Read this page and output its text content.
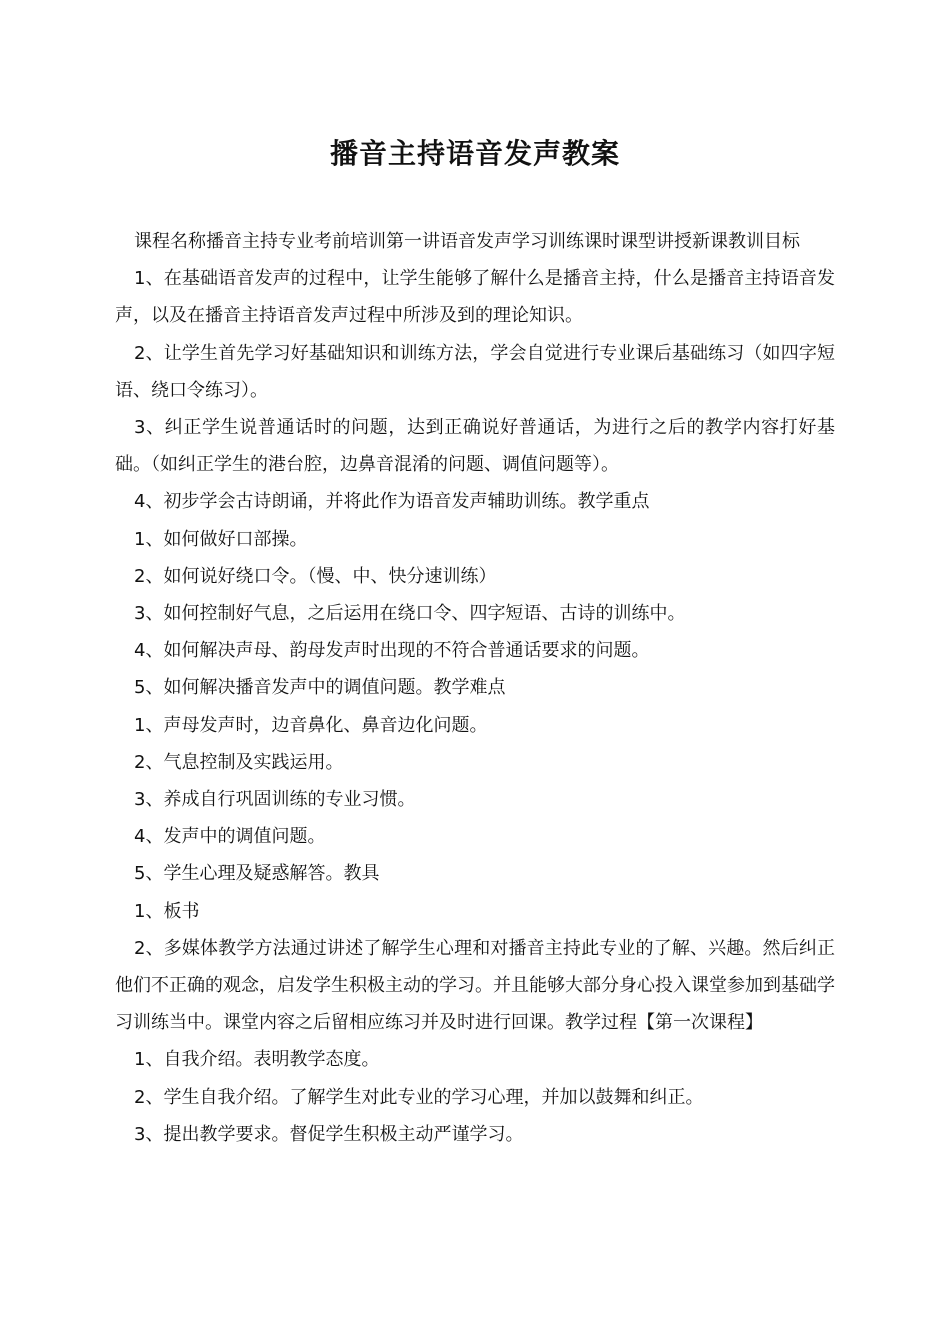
播音主持语音发声教案

课程名称播音主持专业考前培训第一讲语音发声学习训练课时课型讲授新课教训目标

1、在基础语音发声的过程中，让学生能够了解什么是播音主持，什么是播音主持语音发声，以及在播音主持语音发声过程中所涉及到的理论知识。

2、让学生首先学习好基础知识和训练方法，学会自觉进行专业课后基础练习（如四字短语、绕口令练习）。

3、纠正学生说普通话时的问题，达到正确说好普通话，为进行之后的教学内容打好基础。（如纠正学生的港台腔，边鼻音混淆的问题、调值问题等）。

4、初步学会古诗朗诵，并将此作为语音发声辅助训练。教学重点

1、如何做好口部操。

2、如何说好绕口令。（慢、中、快分速训练）

3、如何控制好气息，之后运用在绕口令、四字短语、古诗的训练中。

4、如何解决声母、韵母发声时出现的不符合普通话要求的问题。

5、如何解决播音发声中的调值问题。教学难点

1、声母发声时，边音鼻化、鼻音边化问题。

2、气息控制及实践运用。

3、养成自行巩固训练的专业习惯。

4、发声中的调值问题。

5、学生心理及疑惑解答。教具

1、板书

2、多媒体教学方法通过讲述了解学生心理和对播音主持此专业的了解、兴趣。然后纠正他们不正确的观念，启发学生积极主动的学习。并且能够大部分身心投入课堂参加到基础学习训练当中。课堂内容之后留相应练习并及时进行回课。教学过程【第一次课程】

1、自我介绍。表明教学态度。

2、学生自我介绍。了解学生对此专业的学习心理，并加以鼓舞和纠正。

3、提出教学要求。督促学生积极主动严谨学习。
